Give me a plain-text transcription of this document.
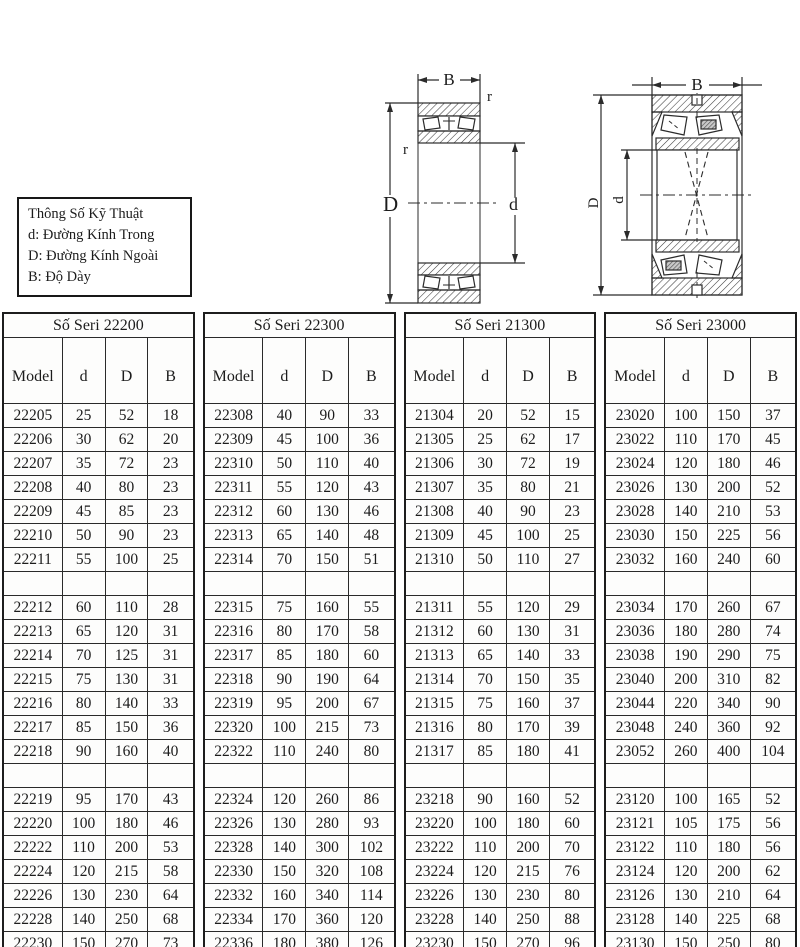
Thông Số Kỹ Thuật
d: Đường Kính Trong
D: Đường Kính Ngoài
B: Độ Dày
B
D	d
r
r
B
D d
Số Seri 22200			
Model	d	D	B
22205	25	52	18
22206	30	62	20
22207	35	72	23
22208	40	80	23
22209	45	85	23
22210	50	90	23
22211	55	100	25

22212	60	110	28
22213	65	120	31
22214	70	125	31
22215	75	130	31
22216	80	140	33
22217	85	150	36
22218	90	160	40

22219	95	170	43
22220	100	180	46
22222	110	200	53
22224	120	215	58
22226	130	230	64
22228	140	250	68
22230	150	270	73
Số Seri 22300			
Model	d	D	B
22308	40	90	33
22309	45	100	36
22310	50	110	40
22311	55	120	43
22312	60	130	46
22313	65	140	48
22314	70	150	51

22315	75	160	55
22316	80	170	58
22317	85	180	60
22318	90	190	64
22319	95	200	67
22320	100	215	73
22322	110	240	80

22324	120	260	86
22326	130	280	93
22328	140	300	102
22330	150	320	108
22332	160	340	114
22334	170	360	120
22336	180	380	126
Số Seri 21300			
Model	d	D	B
21304	20	52	15
21305	25	62	17
21306	30	72	19
21307	35	80	21
21308	40	90	23
21309	45	100	25
21310	50	110	27

21311	55	120	29
21312	60	130	31
21313	65	140	33
21314	70	150	35
21315	75	160	37
21316	80	170	39
21317	85	180	41

23218	90	160	52
23220	100	180	60
23222	110	200	70
23224	120	215	76
23226	130	230	80
23228	140	250	88
23230	150	270	96
Số Seri 23000			
Model	d	D	B
23020	100	150	37
23022	110	170	45
23024	120	180	46
23026	130	200	52
23028	140	210	53
23030	150	225	56
23032	160	240	60

23034	170	260	67
23036	180	280	74
23038	190	290	75
23040	200	310	82
23044	220	340	90
23048	240	360	92
23052	260	400	104

23120	100	165	52
23121	105	175	56
23122	110	180	56
23124	120	200	62
23126	130	210	64
23128	140	225	68
23130	150	250	80
